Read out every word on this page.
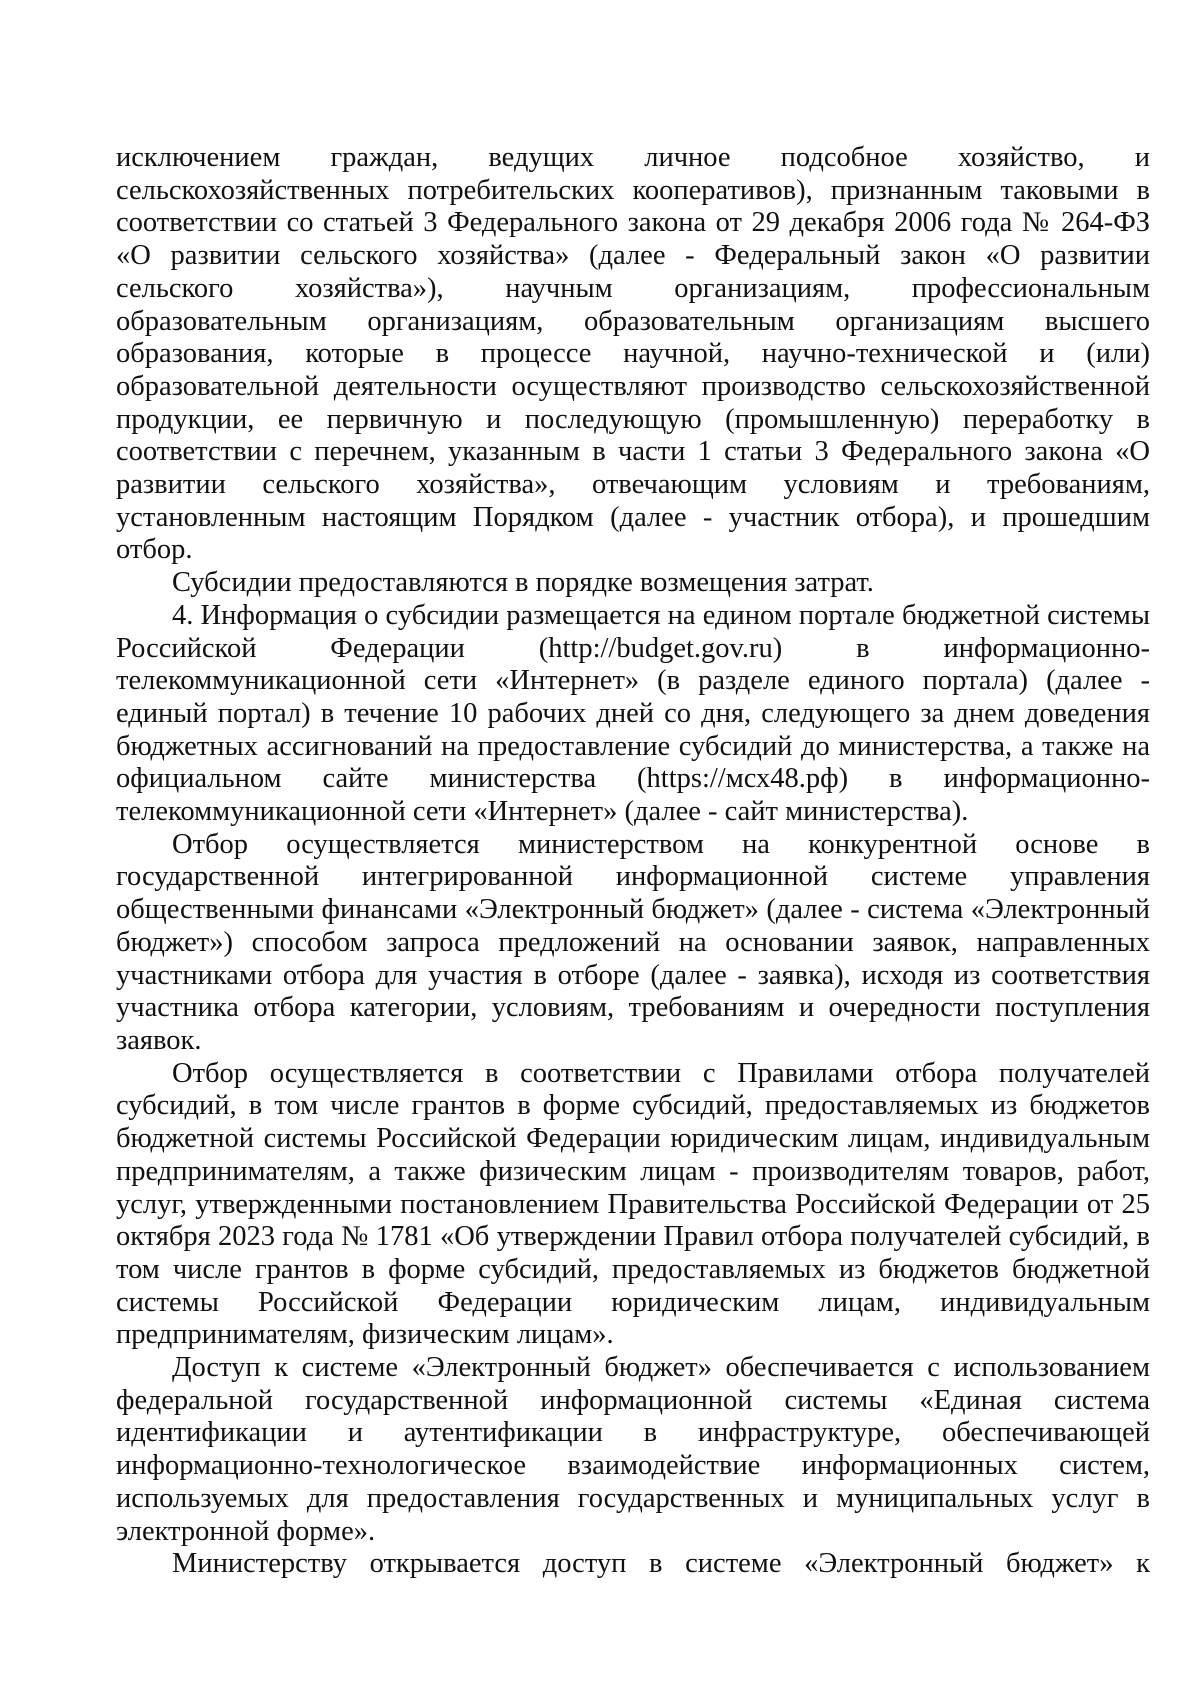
исключением граждан, ведущих личное подсобное хозяйство, и сельскохозяйственных потребительских кооперативов), признанным таковыми в соответствии со статьей 3 Федерального закона от 29 декабря 2006 года № 264-ФЗ «О развитии сельского хозяйства» (далее - Федеральный закон «О развитии сельского хозяйства»), научным организациям, профессиональным образовательным организациям, образовательным организациям высшего образования, которые в процессе научной, научно-технической и (или) образовательной деятельности осуществляют производство сельскохозяйственной продукции, ее первичную и последующую (промышленную) переработку в соответствии с перечнем, указанным в части 1 статьи 3 Федерального закона «О развитии сельского хозяйства», отвечающим условиям и требованиям, установленным настоящим Порядком (далее - участник отбора), и прошедшим отбор.

Субсидии предоставляются в порядке возмещения затрат.

4. Информация о субсидии размещается на едином портале бюджетной системы Российской Федерации (http://budget.gov.ru) в информационно-телекоммуникационной сети «Интернет» (в разделе единого портала) (далее - единый портал) в течение 10 рабочих дней со дня, следующего за днем доведения бюджетных ассигнований на предоставление субсидий до министерства, а также на официальном сайте министерства (https://мсх48.рф) в информационно-телекоммуникационной сети «Интернет» (далее - сайт министерства).

Отбор осуществляется министерством на конкурентной основе в государственной интегрированной информационной системе управления общественными финансами «Электронный бюджет» (далее - система «Электронный бюджет») способом запроса предложений на основании заявок, направленных участниками отбора для участия в отборе (далее - заявка), исходя из соответствия участника отбора категории, условиям, требованиям и очередности поступления заявок.

Отбор осуществляется в соответствии с Правилами отбора получателей субсидий, в том числе грантов в форме субсидий, предоставляемых из бюджетов бюджетной системы Российской Федерации юридическим лицам, индивидуальным предпринимателям, а также физическим лицам - производителям товаров, работ, услуг, утвержденными постановлением Правительства Российской Федерации от 25 октября 2023 года № 1781 «Об утверждении Правил отбора получателей субсидий, в том числе грантов в форме субсидий, предоставляемых из бюджетов бюджетной системы Российской Федерации юридическим лицам, индивидуальным предпринимателям, физическим лицам».

Доступ к системе «Электронный бюджет» обеспечивается с использованием федеральной государственной информационной системы «Единая система идентификации и аутентификации в инфраструктуре, обеспечивающей информационно-технологическое взаимодействие информационных систем, используемых для предоставления государственных и муниципальных услуг в электронной форме».

Министерству открывается доступ в системе «Электронный бюджет» к
